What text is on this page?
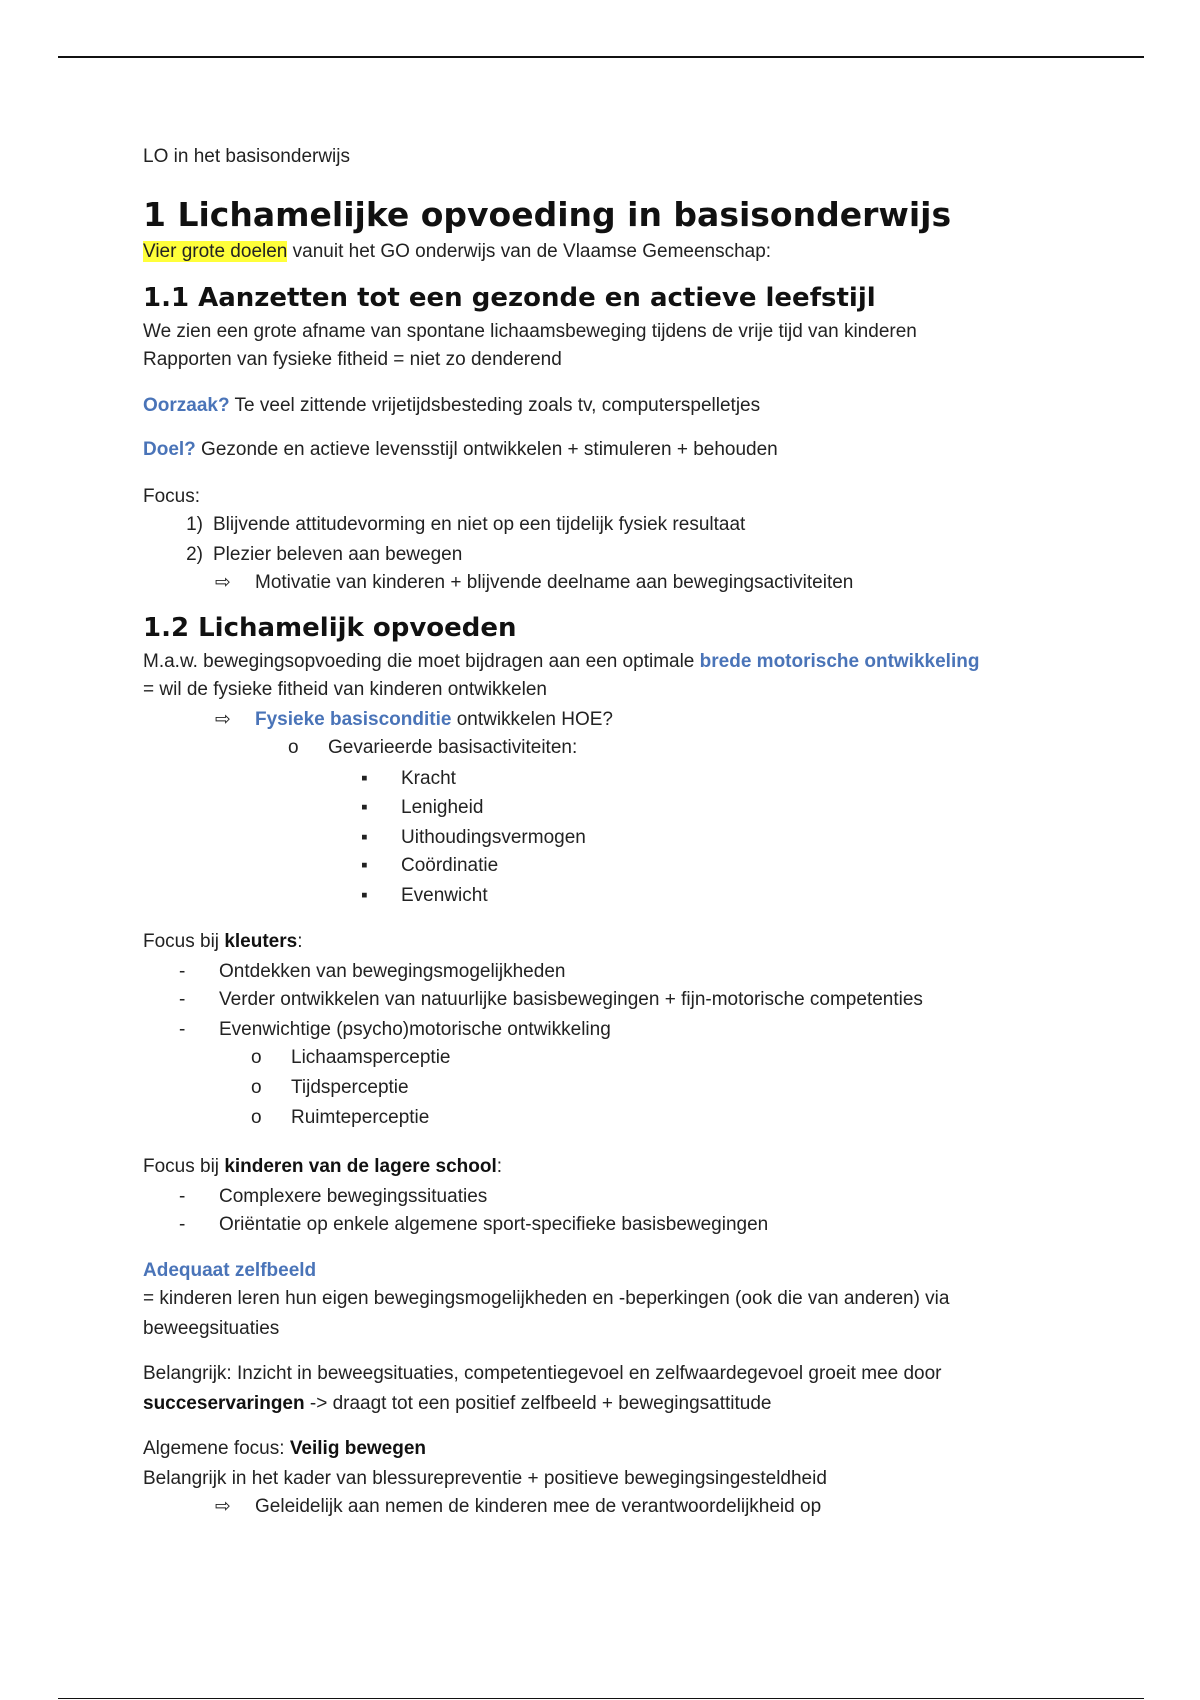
LO in het basisonderwijs
1 Lichamelijke opvoeding in basisonderwijs
Vier grote doelen vanuit het GO onderwijs van de Vlaamse Gemeenschap:
1.1 Aanzetten tot een gezonde en actieve leefstijl
We zien een grote afname van spontane lichaamsbeweging tijdens de vrije tijd van kinderen
Rapporten van fysieke fitheid = niet zo denderend
Oorzaak? Te veel zittende vrijetijdsbesteding zoals tv, computerspelletjes
Doel? Gezonde en actieve levensstijl ontwikkelen + stimuleren + behouden
Focus:
1) Blijvende attitudevorming en niet op een tijdelijk fysiek resultaat
2) Plezier beleven aan bewegen
⇨ Motivatie van kinderen + blijvende deelname aan bewegingsactiviteiten
1.2 Lichamelijk opvoeden
M.a.w. bewegingsopvoeding die moet bijdragen aan een optimale brede motorische ontwikkeling
= wil de fysieke fitheid van kinderen ontwikkelen
⇨ Fysieke basisconditie ontwikkelen HOE?
o Gevarieerde basisactiviteiten:
▪ Kracht
▪ Lenigheid
▪ Uithoudingsvermogen
▪ Coördinatie
▪ Evenwicht
Focus bij kleuters:
- Ontdekken van bewegingsmogelijkheden
- Verder ontwikkelen van natuurlijke basisbewegingen + fijn-motorische competenties
- Evenwichtige (psycho)motorische ontwikkeling
o Lichaamsperceptie
o Tijdsperceptie
o Ruimteperceptie
Focus bij kinderen van de lagere school:
- Complexere bewegingssituaties
- Oriëntatie op enkele algemene sport-specifieke basisbewegingen
Adequaat zelfbeeld
= kinderen leren hun eigen bewegingsmogelijkheden en -beperkingen (ook die van anderen) via
beweegsituaties
Belangrijk: Inzicht in beweegsituaties, competentiegevoel en zelfwaardegevoel groeit mee door
succeservaringen -> draagt tot een positief zelfbeeld + bewegingsattitude
Algemene focus: Veilig bewegen
Belangrijk in het kader van blessurepreventie + positieve bewegingsingesteldheid
⇨ Geleidelijk aan nemen de kinderen mee de verantwoordelijkheid op
